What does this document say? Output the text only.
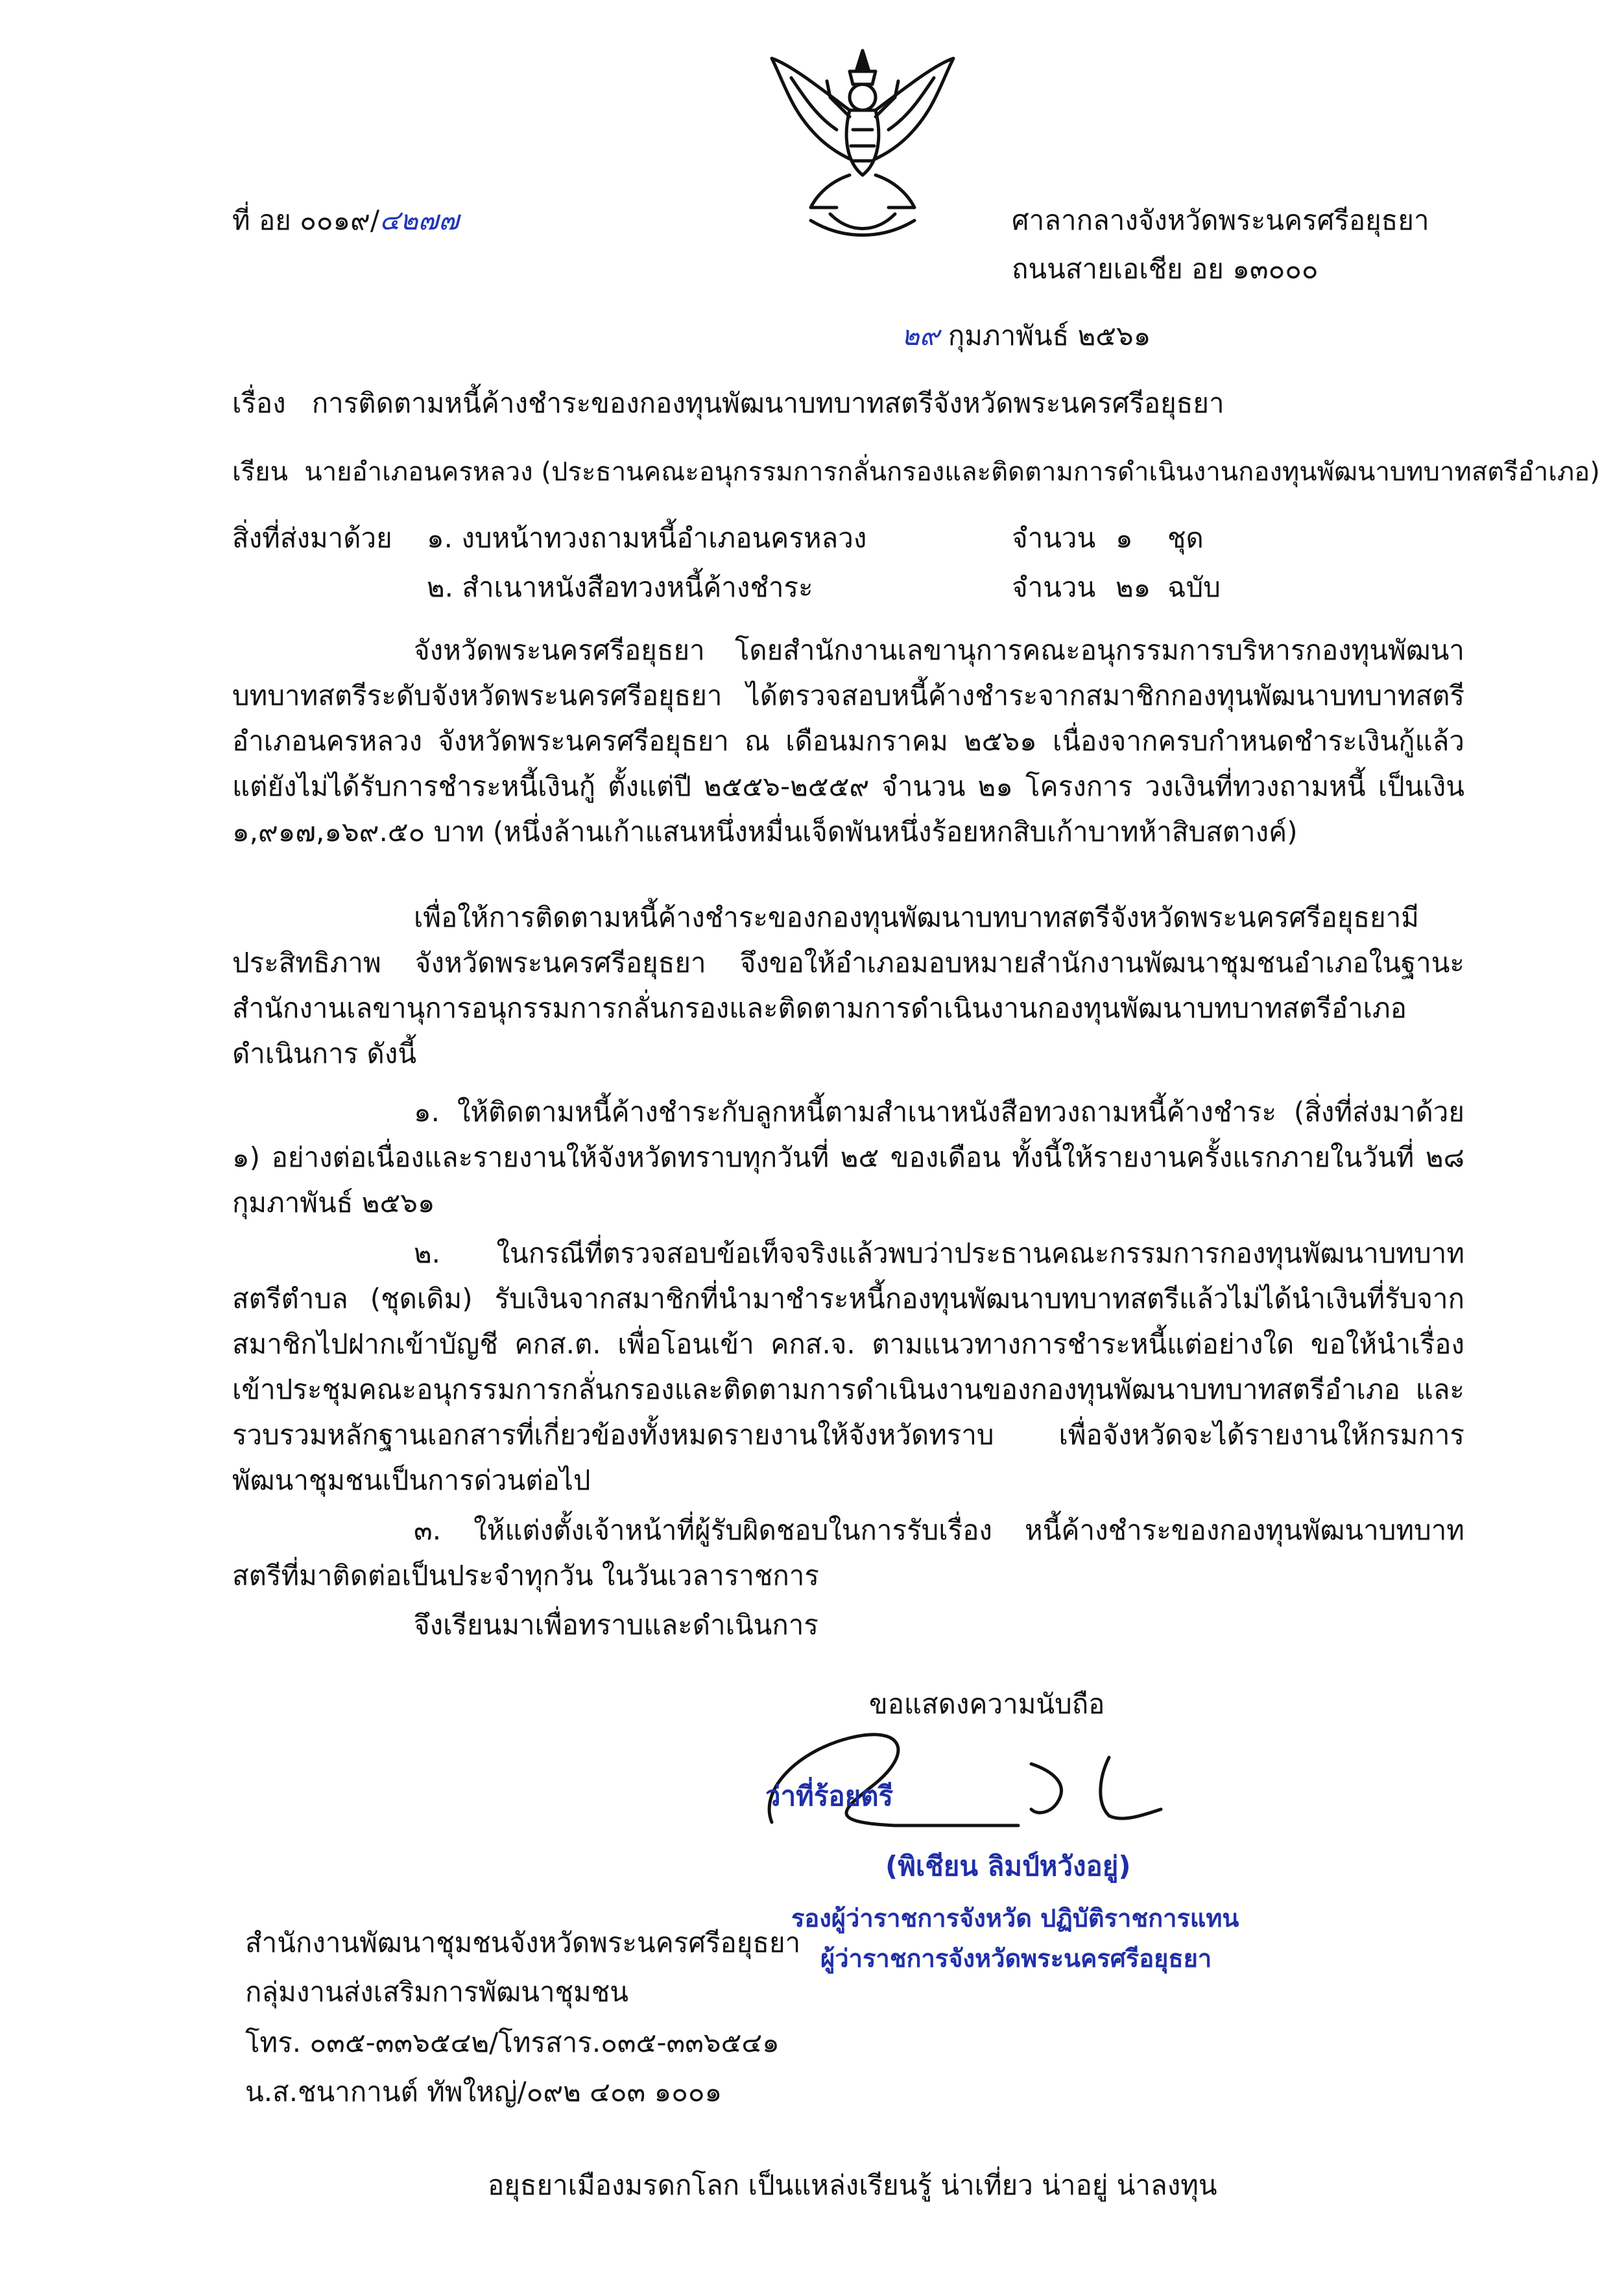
ที่ อย ๐๐๑๙/๔๒๗๗	ศาลากลางจังหวัดพระนครศรีอยุธยา
ถนนสายเอเชีย อย ๑๓๐๐๐
๒๙ กุมภาพันธ์ ๒๕๖๑
เรื่อง การติดตามหนี้ค้างชำระของกองทุนพัฒนาบทบาทสตรีจังหวัดพระนครศรีอยุธยา
เรียน นายอำเภอนครหลวง (ประธานคณะอนุกรรมการกลั่นกรองและติดตามการดำเนินงานกองทุนพัฒนาบทบาทสตรีอำเภอ)
สิ่งที่ส่งมาด้วย ๑. งบหน้าทวงถามหนี้อำเภอนครหลวง	จำนวน ๑ ชุด
๒. สำเนาหนังสือทวงหนี้ค้างชำระ	จำนวน ๒๑ ฉบับ
จังหวัดพระนครศรีอยุธยา โดยสำนักงานเลขานุการคณะอนุกรรมการบริหารกองทุนพัฒนาบทบาทสตรีระดับจังหวัดพระนครศรีอยุธยา ได้ตรวจสอบหนี้ค้างชำระจากสมาชิกกองทุนพัฒนาบทบาทสตรีอำเภอนครหลวง จังหวัดพระนครศรีอยุธยา ณ เดือนมกราคม ๒๕๖๑ เนื่องจากครบกำหนดชำระเงินกู้แล้วแต่ยังไม่ได้รับการชำระหนี้เงินกู้ ตั้งแต่ปี ๒๕๕๖-๒๕๕๙ จำนวน ๒๑ โครงการ วงเงินที่ทวงถามหนี้ เป็นเงิน ๑,๙๑๗,๑๖๙.๕๐ บาท (หนึ่งล้านเก้าแสนหนึ่งหมื่นเจ็ดพันหนึ่งร้อยหกสิบเก้าบาทห้าสิบสตางค์)
เพื่อให้การติดตามหนี้ค้างชำระของกองทุนพัฒนาบทบาทสตรีจังหวัดพระนครศรีอยุธยามีประสิทธิภาพ จังหวัดพระนครศรีอยุธยา จึงขอให้อำเภอมอบหมายสำนักงานพัฒนาชุมชนอำเภอในฐานะสำนักงานเลขานุการอนุกรรมการกลั่นกรองและติดตามการดำเนินงานกองทุนพัฒนาบทบาทสตรีอำเภอดำเนินการ ดังนี้
๑. ให้ติดตามหนี้ค้างชำระกับลูกหนี้ตามสำเนาหนังสือทวงถามหนี้ค้างชำระ (สิ่งที่ส่งมาด้วย ๑) อย่างต่อเนื่องและรายงานให้จังหวัดทราบทุกวันที่ ๒๕ ของเดือน ทั้งนี้ให้รายงานครั้งแรกภายในวันที่ ๒๘ กุมภาพันธ์ ๒๕๖๑
๒. ในกรณีที่ตรวจสอบข้อเท็จจริงแล้วพบว่าประธานคณะกรรมการกองทุนพัฒนาบทบาทสตรีตำบล (ชุดเดิม) รับเงินจากสมาชิกที่นำมาชำระหนี้กองทุนพัฒนาบทบาทสตรีแล้วไม่ได้นำเงินที่รับจากสมาชิกไปฝากเข้าบัญชี คกส.ต. เพื่อโอนเข้า คกส.จ. ตามแนวทางการชำระหนี้แต่อย่างใด ขอให้นำเรื่องเข้าประชุมคณะอนุกรรมการกลั่นกรองและติดตามการดำเนินงานของกองทุนพัฒนาบทบาทสตรีอำเภอ และรวบรวมหลักฐานเอกสารที่เกี่ยวข้องทั้งหมดรายงานให้จังหวัดทราบ เพื่อจังหวัดจะได้รายงานให้กรมการพัฒนาชุมชนเป็นการด่วนต่อไป
๓. ให้แต่งตั้งเจ้าหน้าที่ผู้รับผิดชอบในการรับเรื่อง หนี้ค้างชำระของกองทุนพัฒนาบทบาทสตรีที่มาติดต่อเป็นประจำทุกวัน ในวันเวลาราชการ
จึงเรียนมาเพื่อทราบและดำเนินการ
ขอแสดงความนับถือ
ว่าที่ร้อยตรี
(พิเชียน ลิมป์หวังอยู่)
รองผู้ว่าราชการจังหวัด ปฏิบัติราชการแทน
ผู้ว่าราชการจังหวัดพระนครศรีอยุธยา
สำนักงานพัฒนาชุมชนจังหวัดพระนครศรีอยุธยา
กลุ่มงานส่งเสริมการพัฒนาชุมชน
โทร. ๐๓๕-๓๓๖๕๔๒/โทรสาร.๐๓๕-๓๓๖๕๔๑
น.ส.ชนากานต์ ทัพใหญ่/๐๙๒ ๔๐๓ ๑๐๐๑
อยุธยาเมืองมรดกโลก เป็นแหล่งเรียนรู้ น่าเที่ยว น่าอยู่ น่าลงทุน
